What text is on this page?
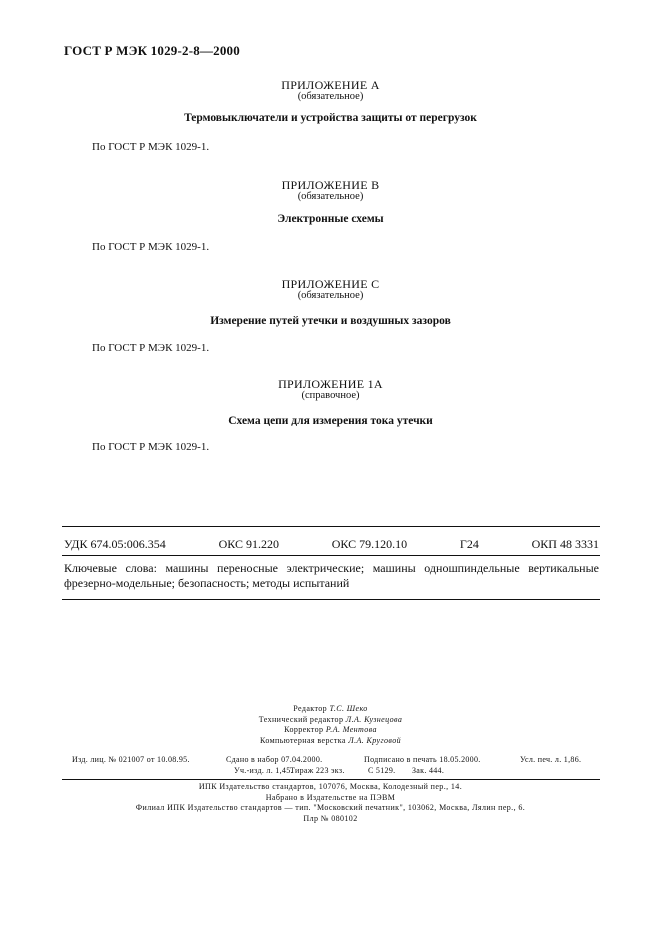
ГОСТ Р МЭК 1029-2-8—2000
ПРИЛОЖЕНИЕ А
(обязательное)
Термовыключатели и устройства защиты от перегрузок
По ГОСТ Р МЭК 1029-1.
ПРИЛОЖЕНИЕ В
(обязательное)
Электронные схемы
По ГОСТ Р МЭК 1029-1.
ПРИЛОЖЕНИЕ С
(обязательное)
Измерение путей утечки и воздушных зазоров
По ГОСТ Р МЭК 1029-1.
ПРИЛОЖЕНИЕ 1А
(справочное)
Схема цепи для измерения тока утечки
По ГОСТ Р МЭК 1029-1.
УДК 674.05:006.354	ОКС 91.220	ОКС 79.120.10	Г24	ОКП 48 3331
Ключевые слова: машины переносные электрические; машины одношпиндельные вертикальные фрезерно-модельные; безопасность; методы испытаний
Редактор Т.С. Шеко
Технический редактор Л.А. Кузнецова
Корректор Р.А. Ментова
Компьютерная верстка Л.А. Круговой
Изд. лиц. № 021007 от 10.08.95.	Сдано в набор 07.04.2000.	Подписано в печать 18.05.2000.	Усл. печ. л. 1,86.
Уч.-изд. л. 1,45.
Тираж 223 экз.	С 5129. Зак. 444.
ИПК Издательство стандартов, 107076, Москва, Колодезный пер., 14.
Набрано в Издательстве на ПЭВМ
Филиал ИПК Издательство стандартов — тип. "Московский печатник", 103062, Москва, Лялин пер., 6.
Плр № 080102
